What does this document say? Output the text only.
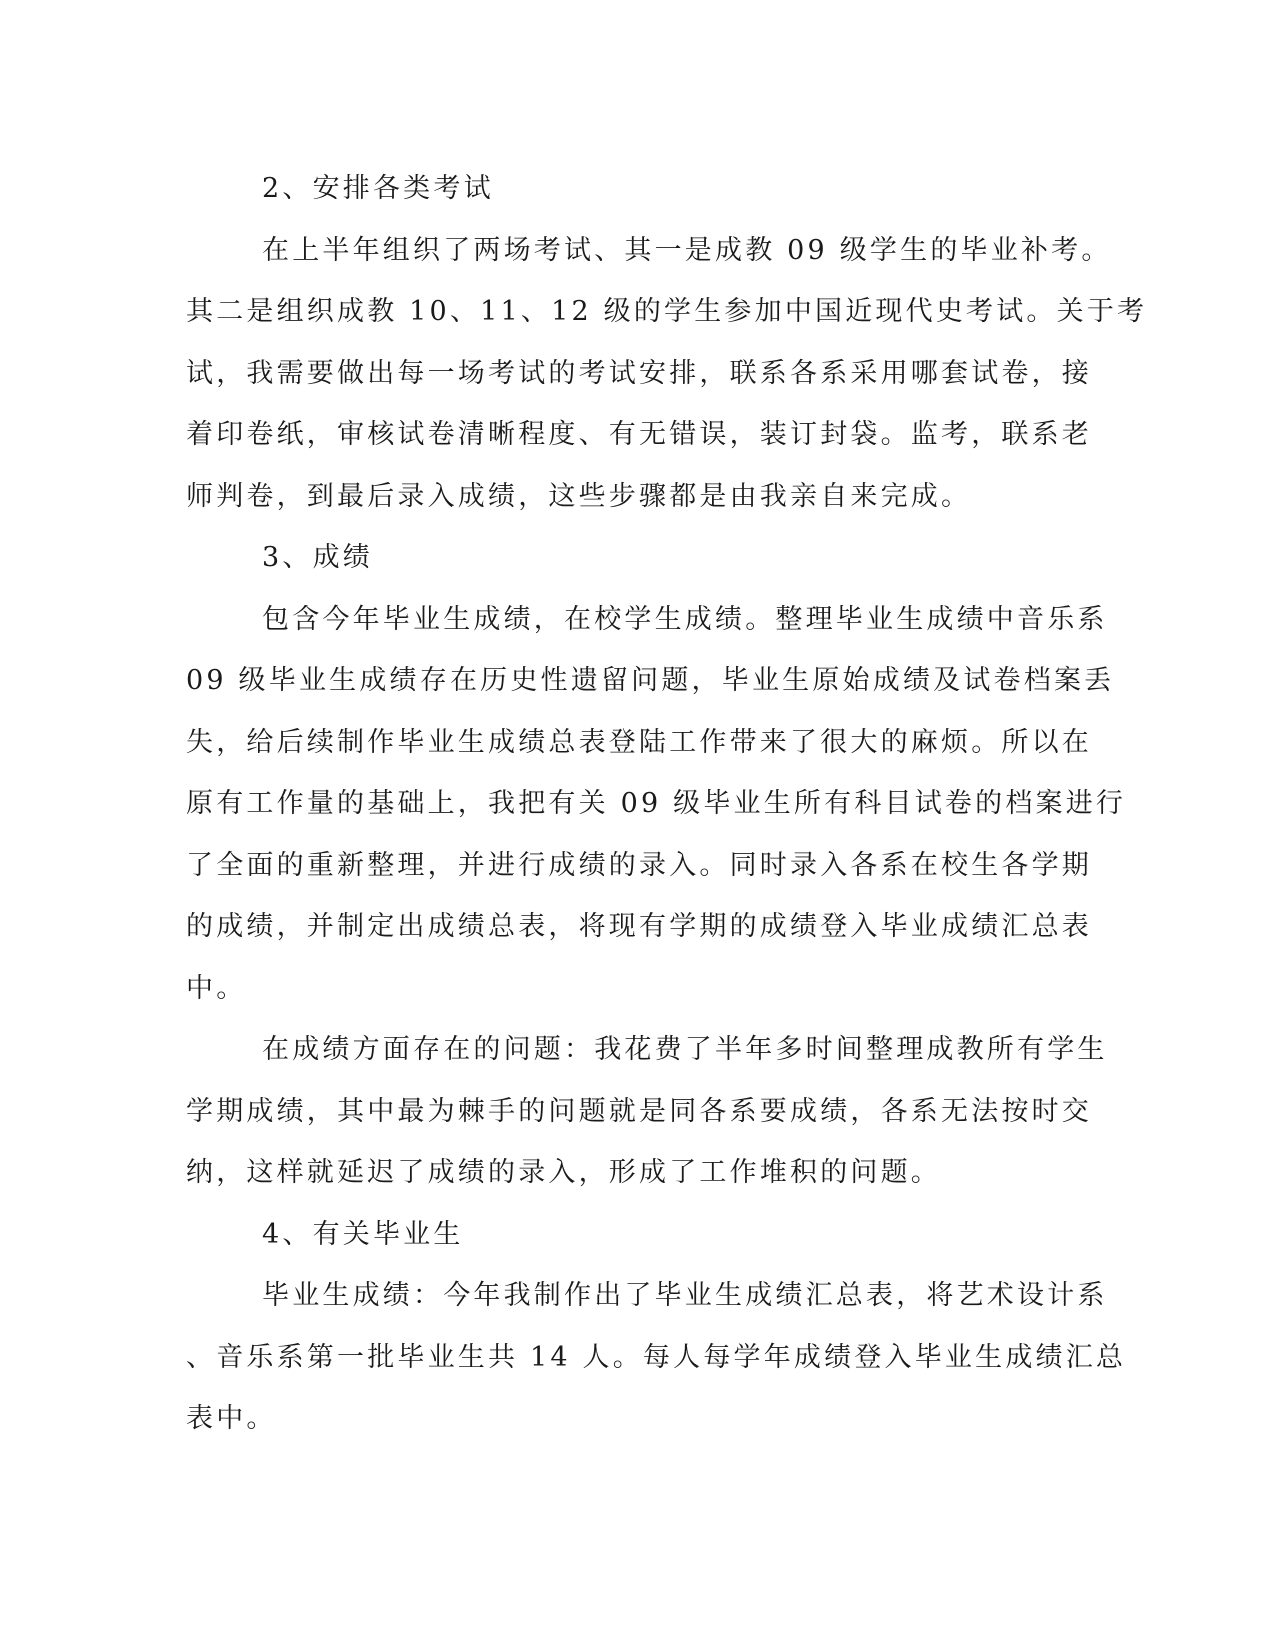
2、安排各类考试
在上半年组织了两场考试、其一是成教 09 级学生的毕业补考。
其二是组织成教 10、11、12 级的学生参加中国近现代史考试。关于考
试，我需要做出每一场考试的考试安排，联系各系采用哪套试卷，接
着印卷纸，审核试卷清晰程度、有无错误，装订封袋。监考，联系老
师判卷，到最后录入成绩，这些步骤都是由我亲自来完成。
3、成绩
包含今年毕业生成绩，在校学生成绩。整理毕业生成绩中音乐系
09 级毕业生成绩存在历史性遗留问题，毕业生原始成绩及试卷档案丢
失，给后续制作毕业生成绩总表登陆工作带来了很大的麻烦。所以在
原有工作量的基础上，我把有关 09 级毕业生所有科目试卷的档案进行
了全面的重新整理，并进行成绩的录入。同时录入各系在校生各学期
的成绩，并制定出成绩总表，将现有学期的成绩登入毕业成绩汇总表
中。
在成绩方面存在的问题：我花费了半年多时间整理成教所有学生
学期成绩，其中最为棘手的问题就是同各系要成绩，各系无法按时交
纳，这样就延迟了成绩的录入，形成了工作堆积的问题。
4、有关毕业生
毕业生成绩：今年我制作出了毕业生成绩汇总表，将艺术设计系
、音乐系第一批毕业生共 14 人。每人每学年成绩登入毕业生成绩汇总
表中。
